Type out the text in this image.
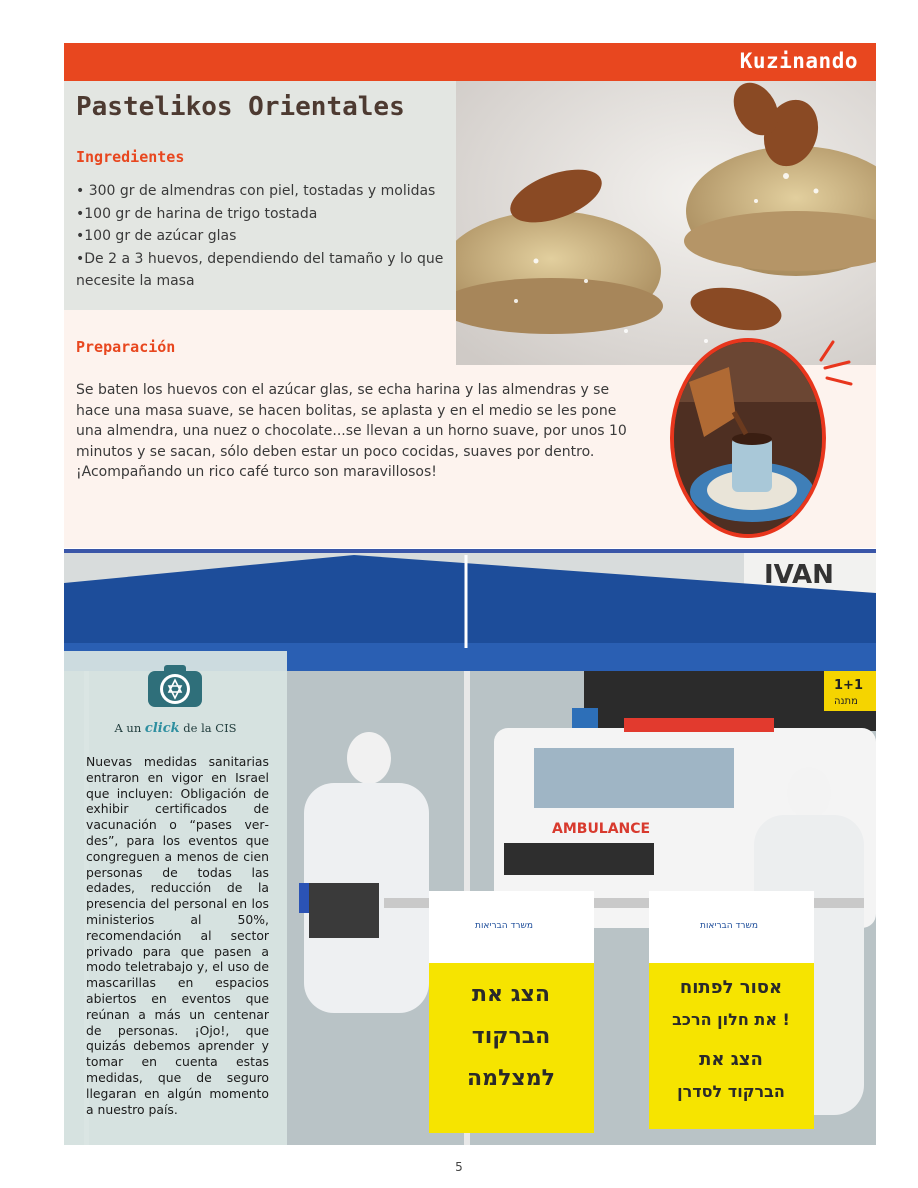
Kuzinando
Pastelikos Orientales
Ingredientes
• 300 gr de almendras con piel, tostadas y molidas
•100 gr de harina de trigo tostada
•100 gr de azúcar glas
•De 2 a 3 huevos, dependiendo del tamaño y lo que necesite la masa
Preparación

Se baten los huevos con el azúcar glas, se echa harina y las almendras y se hace una masa suave, se hacen bolitas, se aplasta y en el medio se les pone una almendra, una nuez o chocolate...se llevan a un horno suave, por unos 10 minutos y se sacan, sólo deben estar un poco cocidas, suaves por dentro.

¡Acompañando un rico café turco son maravillosos!

IVAN
1+1
מתנה
AMBULANCE
משרד הבריאות
הצג את
הברקוד
למצלמה
משרד הבריאות
אסור לפתוח
את חלון הרכב !
הצג את
הברקוד לסדרן
A un click de la CIS
Nuevas medidas sanitarias entraron en vigor en Israel que incluyen: Obligación de exhibir certificados de vacunación o “pases verdes”, para los eventos que congreguen a menos de cien personas de todas las edades, reducción de la presencia del personal en los ministerios al 50%, recomendación al sector privado para que pasen a modo teletrabajo y, el uso de mascarillas en espacios abiertos en eventos que reúnan a más un centenar de personas. ¡Ojo!, que quizás debemos aprender y tomar en cuenta estas medidas, que de seguro llegaran en algún momento a nuestro país.
5
